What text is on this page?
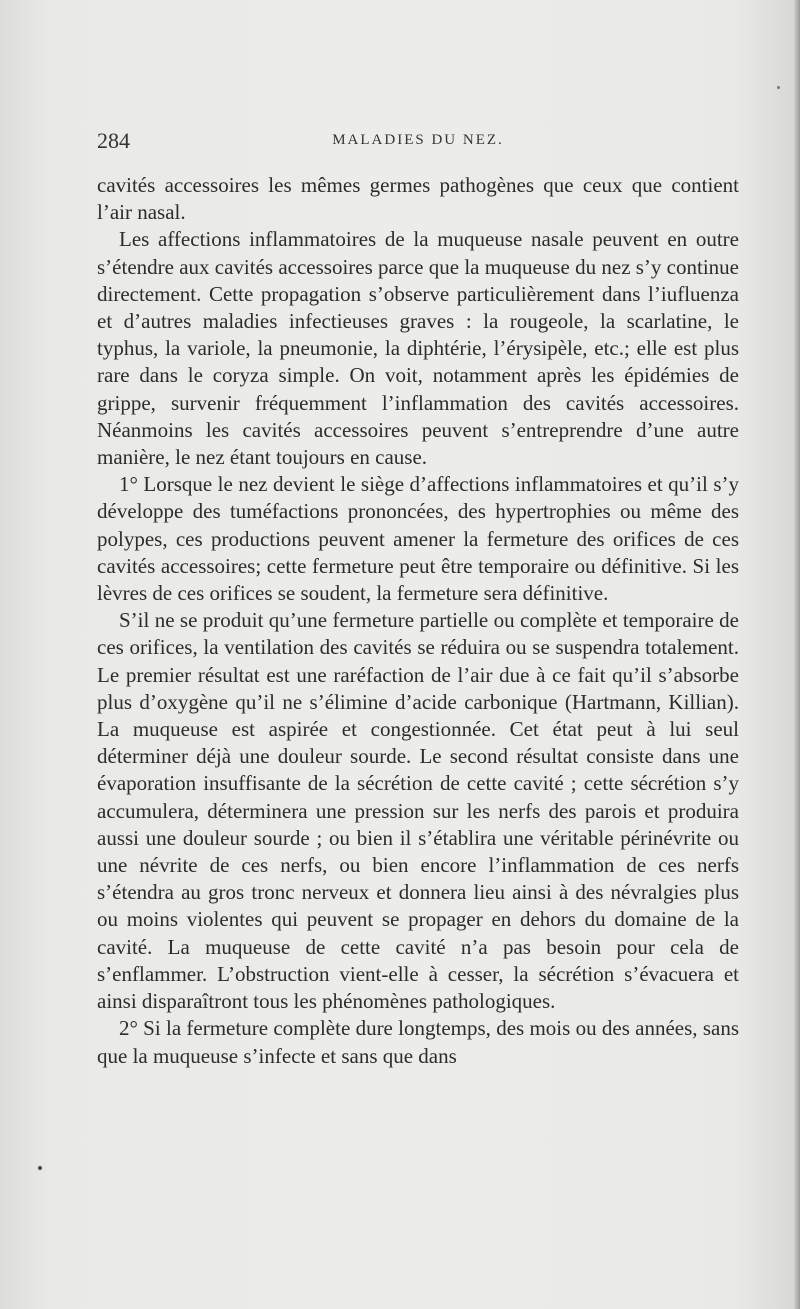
284	MALADIES DU NEZ.

cavités accessoires les mêmes germes pathogènes que ceux que contient l’air nasal.

Les affections inflammatoires de la muqueuse nasale peuvent en outre s’étendre aux cavités accessoires parce que la muqueuse du nez s’y continue directement. Cette propagation s’observe particulièrement dans l’iufluenza et d’autres maladies infectieuses graves : la rougeole, la scarlatine, le typhus, la variole, la pneumonie, la diphtérie, l’érysipèle, etc.; elle est plus rare dans le coryza simple. On voit, notamment après les épidémies de grippe, survenir fréquemment l’inflammation des cavités accessoires. Néanmoins les cavités accessoires peuvent s’entreprendre d’une autre manière, le nez étant toujours en cause.

1° Lorsque le nez devient le siège d’affections inflammatoires et qu’il s’y développe des tuméfactions prononcées, des hypertrophies ou même des polypes, ces productions peuvent amener la fermeture des orifices de ces cavités accessoires; cette fermeture peut être temporaire ou définitive. Si les lèvres de ces orifices se soudent, la fermeture sera définitive.

S’il ne se produit qu’une fermeture partielle ou complète et temporaire de ces orifices, la ventilation des cavités se réduira ou se suspendra totalement. Le premier résultat est une raréfaction de l’air due à ce fait qu’il s’absorbe plus d’oxygène qu’il ne s’élimine d’acide carbonique (Hartmann, Killian). La muqueuse est aspirée et congestionnée. Cet état peut à lui seul déterminer déjà une douleur sourde. Le second résultat consiste dans une évaporation insuffisante de la sécrétion de cette cavité ; cette sécrétion s’y accumulera, déterminera une pression sur les nerfs des parois et produira aussi une douleur sourde ; ou bien il s’établira une véritable périnévrite ou une névrite de ces nerfs, ou bien encore l’inflammation de ces nerfs s’étendra au gros tronc nerveux et donnera lieu ainsi à des névralgies plus ou moins violentes qui peuvent se propager en dehors du domaine de la cavité. La muqueuse de cette cavité n’a pas besoin pour cela de s’enflammer. L’obstruction vient-elle à cesser, la sécrétion s’évacuera et ainsi disparaîtront tous les phénomènes pathologiques.

2° Si la fermeture complète dure longtemps, des mois ou des années, sans que la muqueuse s’infecte et sans que dans
